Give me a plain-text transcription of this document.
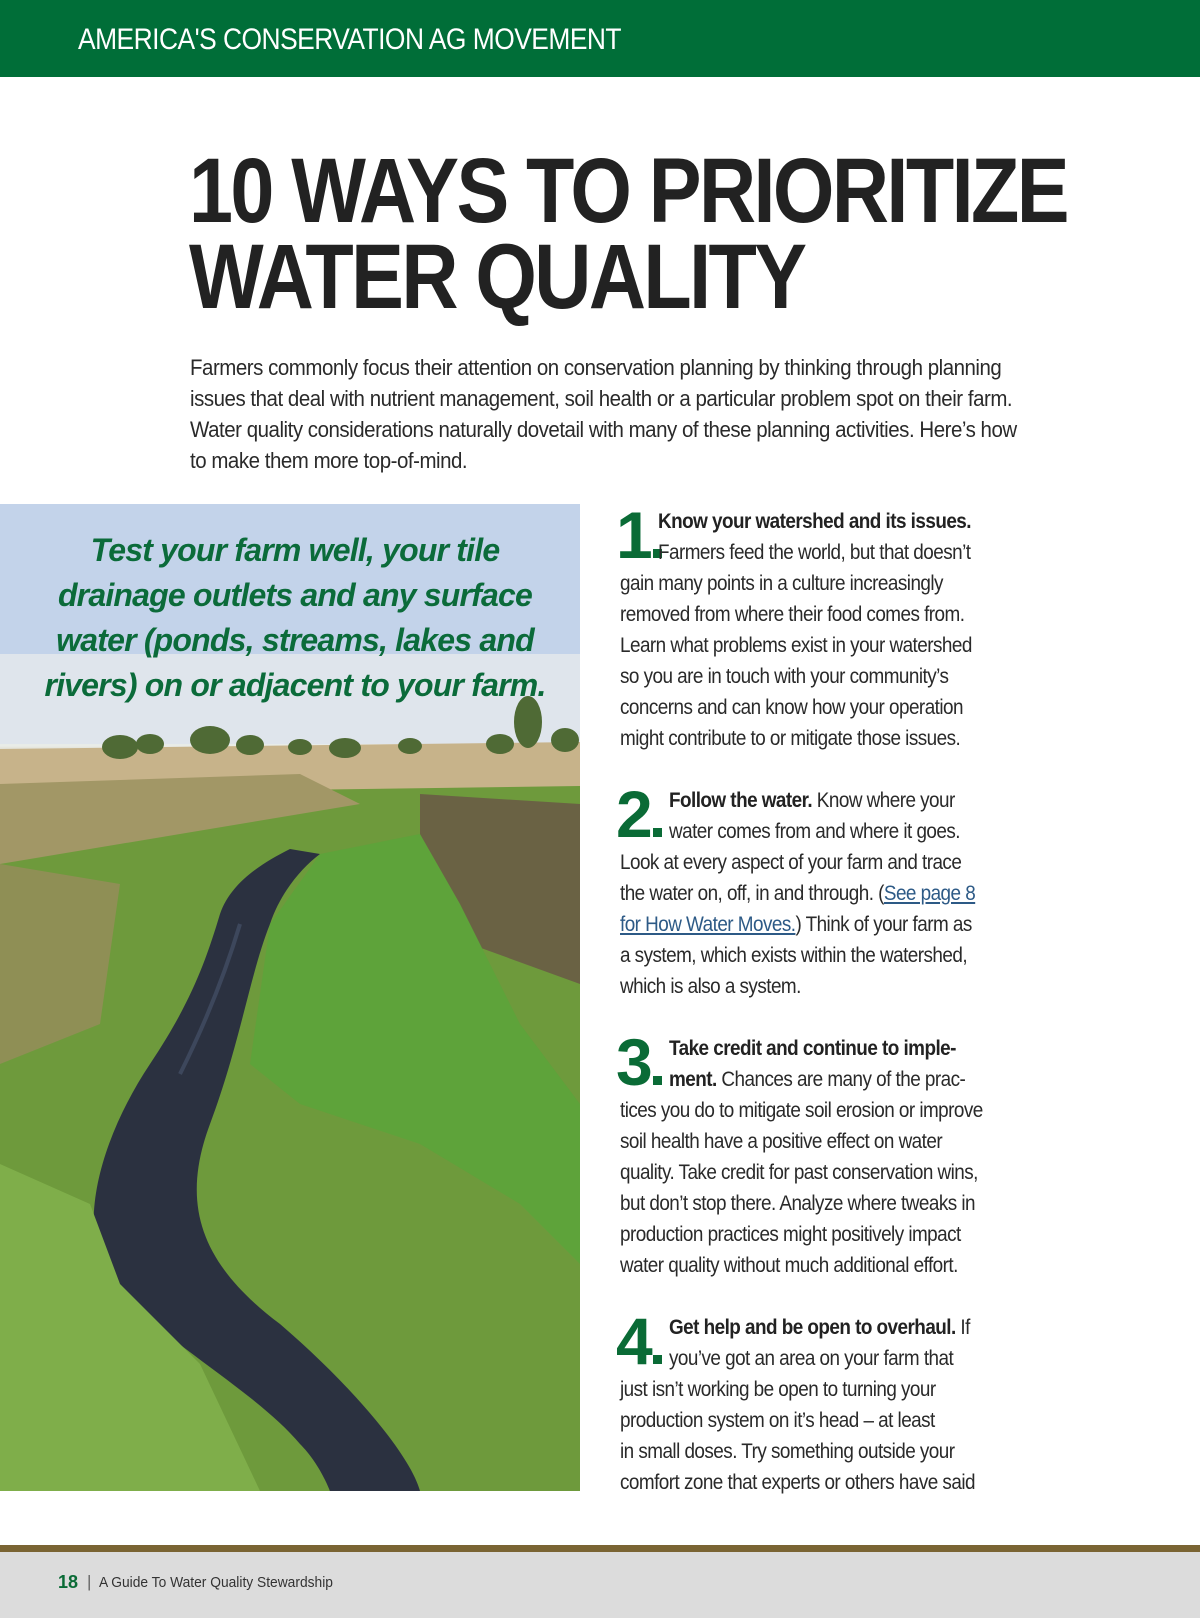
AMERICA'S CONSERVATION AG MOVEMENT
10 WAYS TO PRIORITIZE
WATER QUALITY
Farmers commonly focus their attention on conservation planning by thinking through planning
issues that deal with nutrient management, soil health or a particular problem spot on their farm.
Water quality considerations naturally dovetail with many of these planning activities. Here’s how
to make them more top-of-mind.
Test your farm well, your tile
drainage outlets and any surface
water (ponds, streams, lakes and
rivers) on or adjacent to your farm.
1 Know your watershed and its issues.
Farmers feed the world, but that doesn’t
gain many points in a culture increasingly
removed from where their food comes from.
Learn what problems exist in your watershed
so you are in touch with your community’s
concerns and can know how your operation
might contribute to or mitigate those issues.
2 Follow the water. Know where your
water comes from and where it goes.
Look at every aspect of your farm and trace
the water on, off, in and through. (See page 8
for How Water Moves.) Think of your farm as
a system, which exists within the watershed,
which is also a system.
3 Take credit and continue to imple-
ment. Chances are many of the prac-
tices you do to mitigate soil erosion or improve
soil health have a positive effect on water
quality. Take credit for past conservation wins,
but don’t stop there. Analyze where tweaks in
production practices might positively impact
water quality without much additional effort.
4 Get help and be open to overhaul. If
you’ve got an area on your farm that
just isn’t working be open to turning your
production system on it’s head – at least
in small doses. Try something outside your
comfort zone that experts or others have said
18 | A Guide To Water Quality Stewardship
